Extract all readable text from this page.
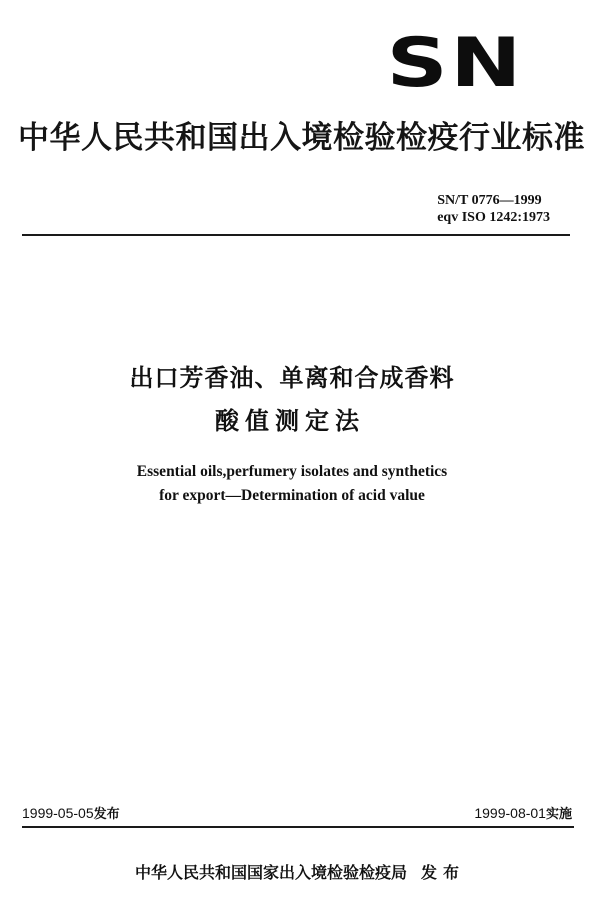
SN
中华人民共和国出入境检验检疫行业标准
SN/T 0776—1999
eqv ISO 1242:1973
出口芳香油、单离和合成香料
酸值测定法
Essential oils,perfumery isolates and synthetics
for export—Determination of acid value
1999-05-05发布	1999-08-01实施
中华人民共和国国家出入境检验检疫局 发布
